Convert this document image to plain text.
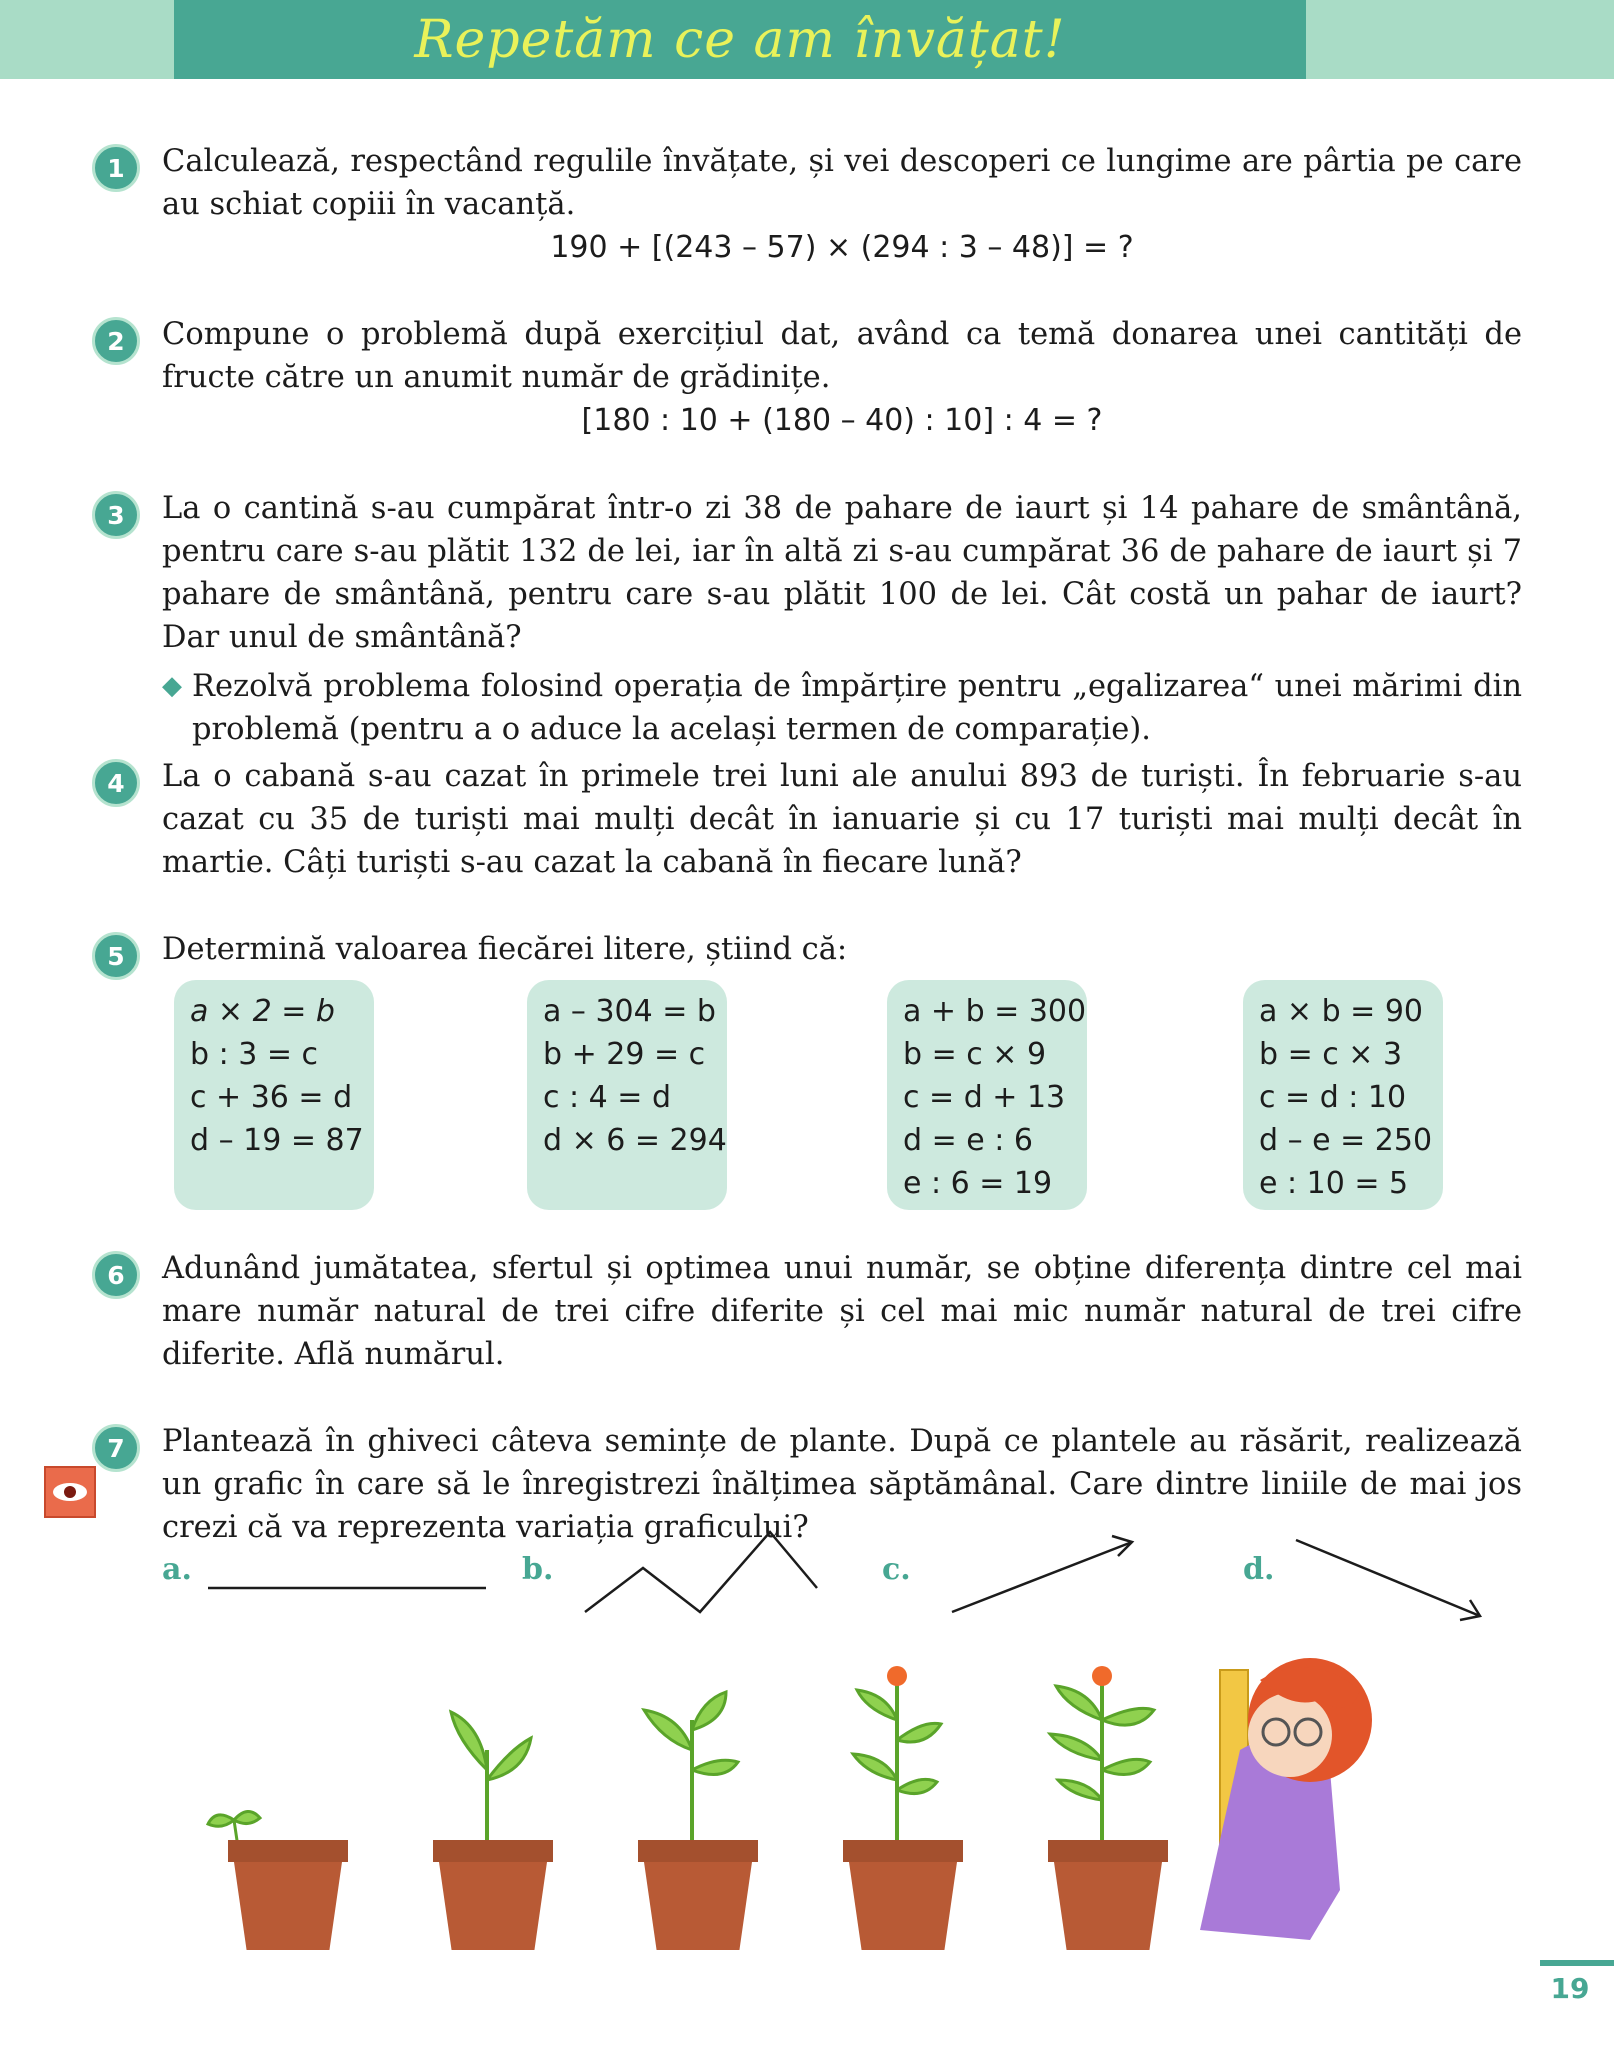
Repetăm ce am învățat!
1	Calculează, respectând regulile învățate, și vei descoperi ce lungime are pârtia pe care au schiat copiii în vacanță.
190 + [(243 – 57) × (294 : 3 – 48)] = ?
2	Compune o problemă după exercițiul dat, având ca temă donarea unei cantități de fructe către un anumit număr de grădinițe.
[180 : 10 + (180 – 40) : 10] : 4 = ?
3	La o cantină s-au cumpărat într-o zi 38 de pahare de iaurt și 14 pahare de smântână, pentru care s-au plătit 132 de lei, iar în altă zi s-au cumpărat 36 de pahare de iaurt și 7 pahare de smântână, pentru care s-au plătit 100 de lei. Cât costă un pahar de iaurt? Dar unul de smântână?
◆ Rezolvă problema folosind operația de împărțire pentru „egalizarea“ unei mărimi din problemă (pentru a o aduce la același termen de comparație).
4	La o cabană s-au cazat în primele trei luni ale anului 893 de turiști. În februarie s-au cazat cu 35 de turiști mai mulți decât în ianuarie și cu 17 turiști mai mulți decât în martie. Câți turiști s-au cazat la cabană în fiecare lună?
5	Determină valoarea fiecărei litere, știind că:
a × 2 = b
b : 3 = c
c + 36 = d
d – 19 = 87
a – 304 = b
b + 29 = c
c : 4 = d
d × 6 = 294
a + b = 300
b = c × 9
c = d + 13
d = e : 6
e : 6 = 19
a × b = 90
b = c × 3
c = d : 10
d – e = 250
e : 10 = 5
6	Adunând jumătatea, sfertul și optimea unui număr, se obține diferența dintre cel mai mare număr natural de trei cifre diferite și cel mai mic număr natural de trei cifre diferite. Află numărul.
7	Plantează în ghiveci câteva semințe de plante. După ce plantele au răsărit, realizează un grafic în care să le înregistrezi înălțimea săptămânal. Care dintre liniile de mai jos crezi că va reprezenta variația graficului?
a.	b.	c.	d.
19
